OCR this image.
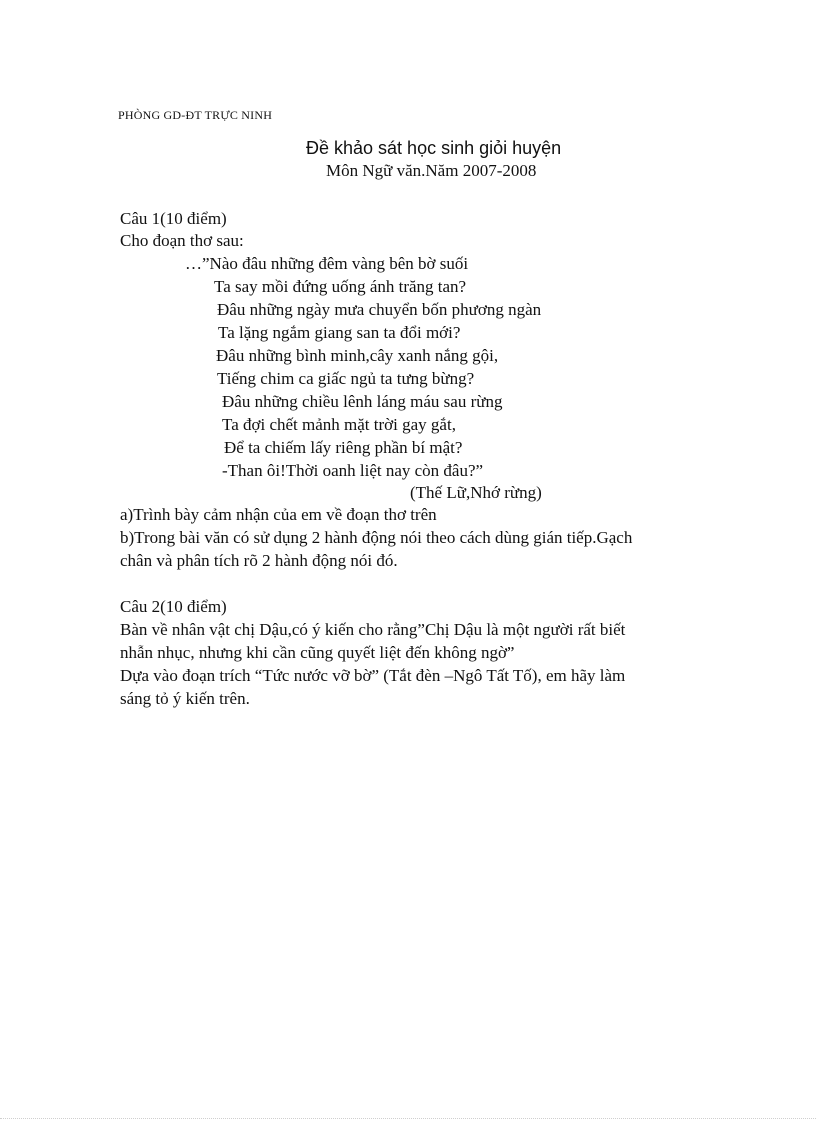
PHÒNG GD-ĐT TRỰC NINH
Đề khảo sát học sinh giỏi huyện
Môn Ngữ văn.Năm 2007-2008
Câu 1(10 điểm)
Cho đoạn thơ sau:
…”Nào đâu những đêm vàng bên bờ suối
Ta say mồi đứng uống ánh trăng tan?
Đâu những ngày mưa chuyển bốn phương ngàn
Ta lặng ngắm giang san ta đổi mới?
Đâu những bình minh,cây xanh nắng gội,
Tiếng chim ca giấc ngủ ta tưng bừng?
Đâu những chiều lênh láng máu sau rừng
Ta đợi chết mảnh mặt trời gay gắt,
Để ta chiếm lấy riêng phần bí mật?
-Than ôi!Thời oanh liệt nay còn đâu?”
(Thế Lữ,Nhớ rừng)
a)Trình bày cảm nhận của em về đoạn thơ trên
b)Trong bài văn có sử dụng 2 hành động nói theo cách dùng gián tiếp.Gạch
chân và phân tích rõ 2 hành động nói đó.
Câu 2(10 điểm)
Bàn về nhân vật chị Dậu,có ý kiến cho rằng”Chị Dậu là một người rất biết
nhẫn nhục, nhưng khi cần cũng quyết liệt đến không ngờ”
Dựa vào đoạn trích “Tức nước vỡ bờ” (Tắt đèn –Ngô Tất Tố), em hãy làm
sáng tỏ ý kiến trên.
